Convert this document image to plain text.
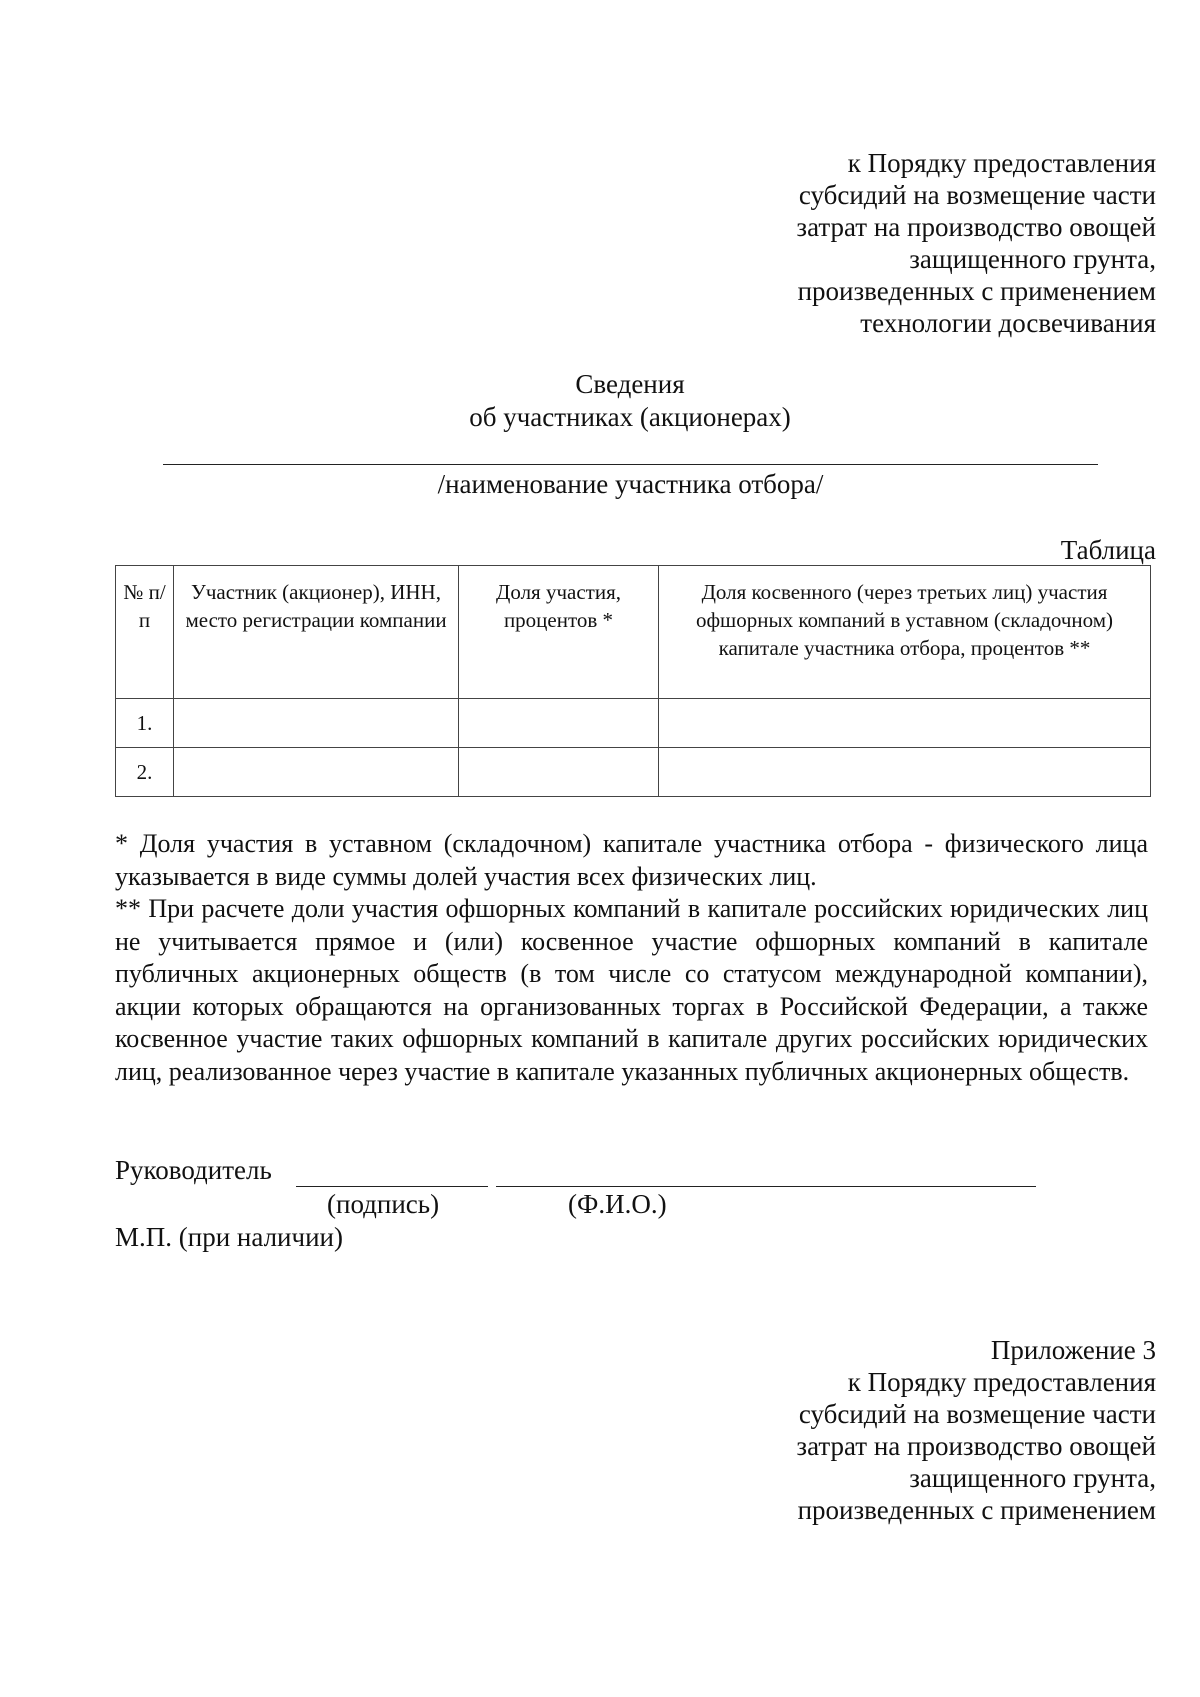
к Порядку предоставления
субсидий на возмещение части
затрат на производство овощей
защищенного грунта,
произведенных с применением
технологии досвечивания
Сведения
об участниках (акционерах)
/наименование участника отбора/
Таблица
№ п/п	Участник (акционер), ИНН, место регистрации компании	Доля участия, процентов *	Доля косвенного (через третьих лиц) участия офшорных компаний в уставном (складочном) капитале участника отбора, процентов **
1.			
2.			
* Доля участия в уставном (складочном) капитале участника отбора - физического лица указывается в виде суммы долей участия всех физических лиц.
** При расчете доли участия офшорных компаний в капитале российских юридических лиц не учитывается прямое и (или) косвенное участие офшорных компаний в капитале публичных акционерных обществ (в том числе со статусом международной компании), акции которых обращаются на организованных торгах в Российской Федерации, а также косвенное участие таких офшорных компаний в капитале других российских юридических лиц, реализованное через участие в капитале указанных публичных акционерных обществ.
Руководитель
(подпись)	(Ф.И.О.)
М.П. (при наличии)
Приложение 3
к Порядку предоставления
субсидий на возмещение части
затрат на производство овощей
защищенного грунта,
произведенных с применением
